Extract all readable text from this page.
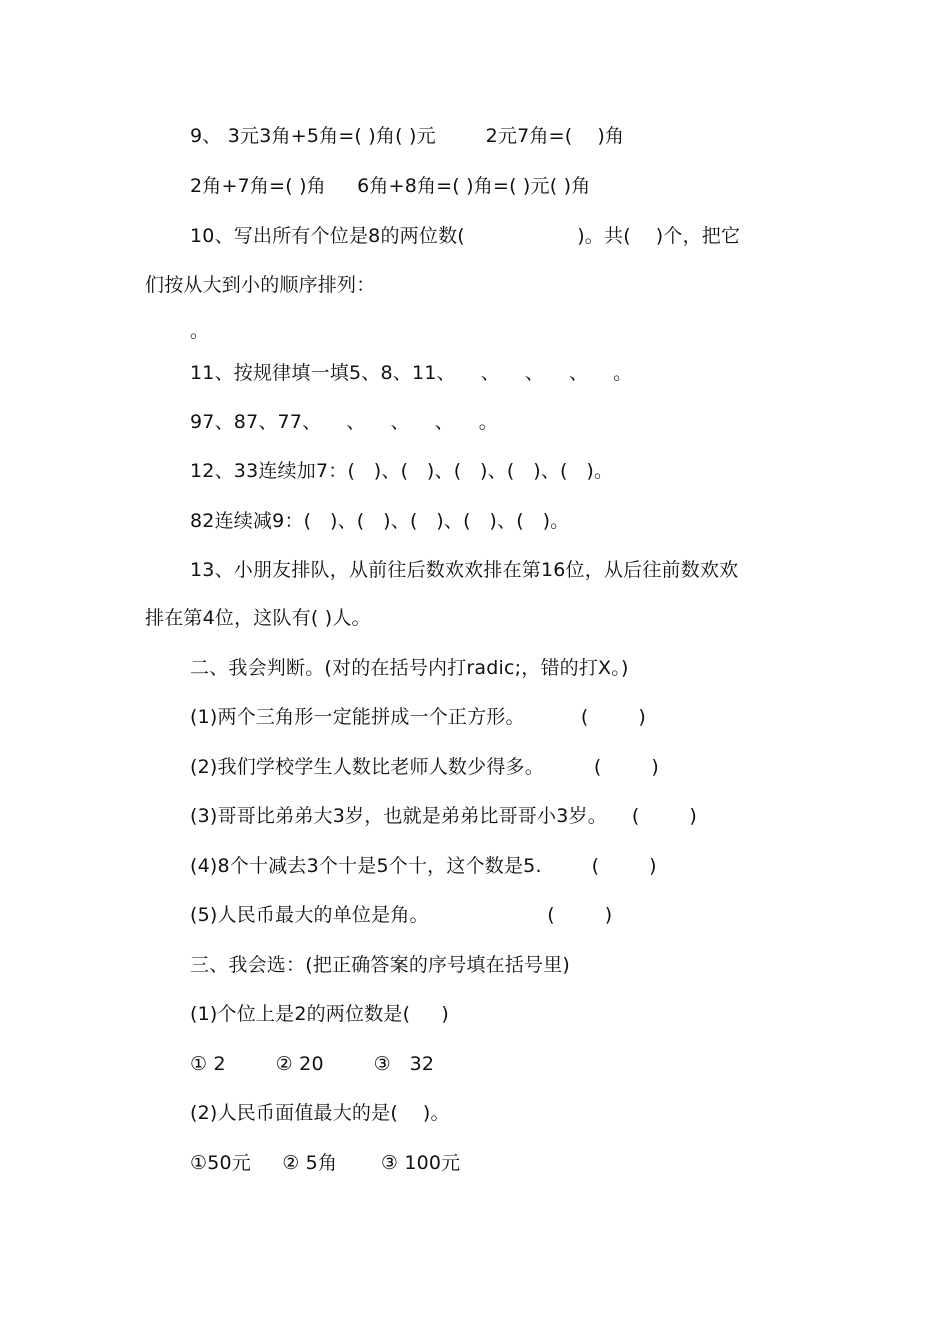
9、 3元3角+5角=( )角( )元        2元7角=(    )角
2角+7角=( )角     6角+8角=( )角=( )元( )角
10、写出所有个位是8的两位数(                  )。共(    )个，把它
们按从大到小的顺序排列：
。
11、按规律填一填5、8、11、    、    、    、    。
97、87、77、    、    、    、    。
12、33连续加7：(   )、(   )、(   )、(   )、(   )。
82连续减9：(   )、(   )、(   )、(   )、(   )。
13、小朋友排队，从前往后数欢欢排在第16位，从后往前数欢欢
排在第4位，这队有( )人。
二、我会判断。(对的在括号内打radic;，错的打X。)
(1)两个三角形一定能拼成一个正方形。         (        )
(2)我们学校学生人数比老师人数少得多。        (        )
(3)哥哥比弟弟大3岁，也就是弟弟比哥哥小3岁。    (        )
(4)8个十减去3个十是5个十，这个数是5.        (        )
(5)人民币最大的单位是角。                   (        )
三、我会选：(把正确答案的序号填在括号里)
(1)个位上是2的两位数是(     )
① 2        ② 20        ③   32
(2)人民币面值最大的是(    )。
①50元     ② 5角       ③ 100元
